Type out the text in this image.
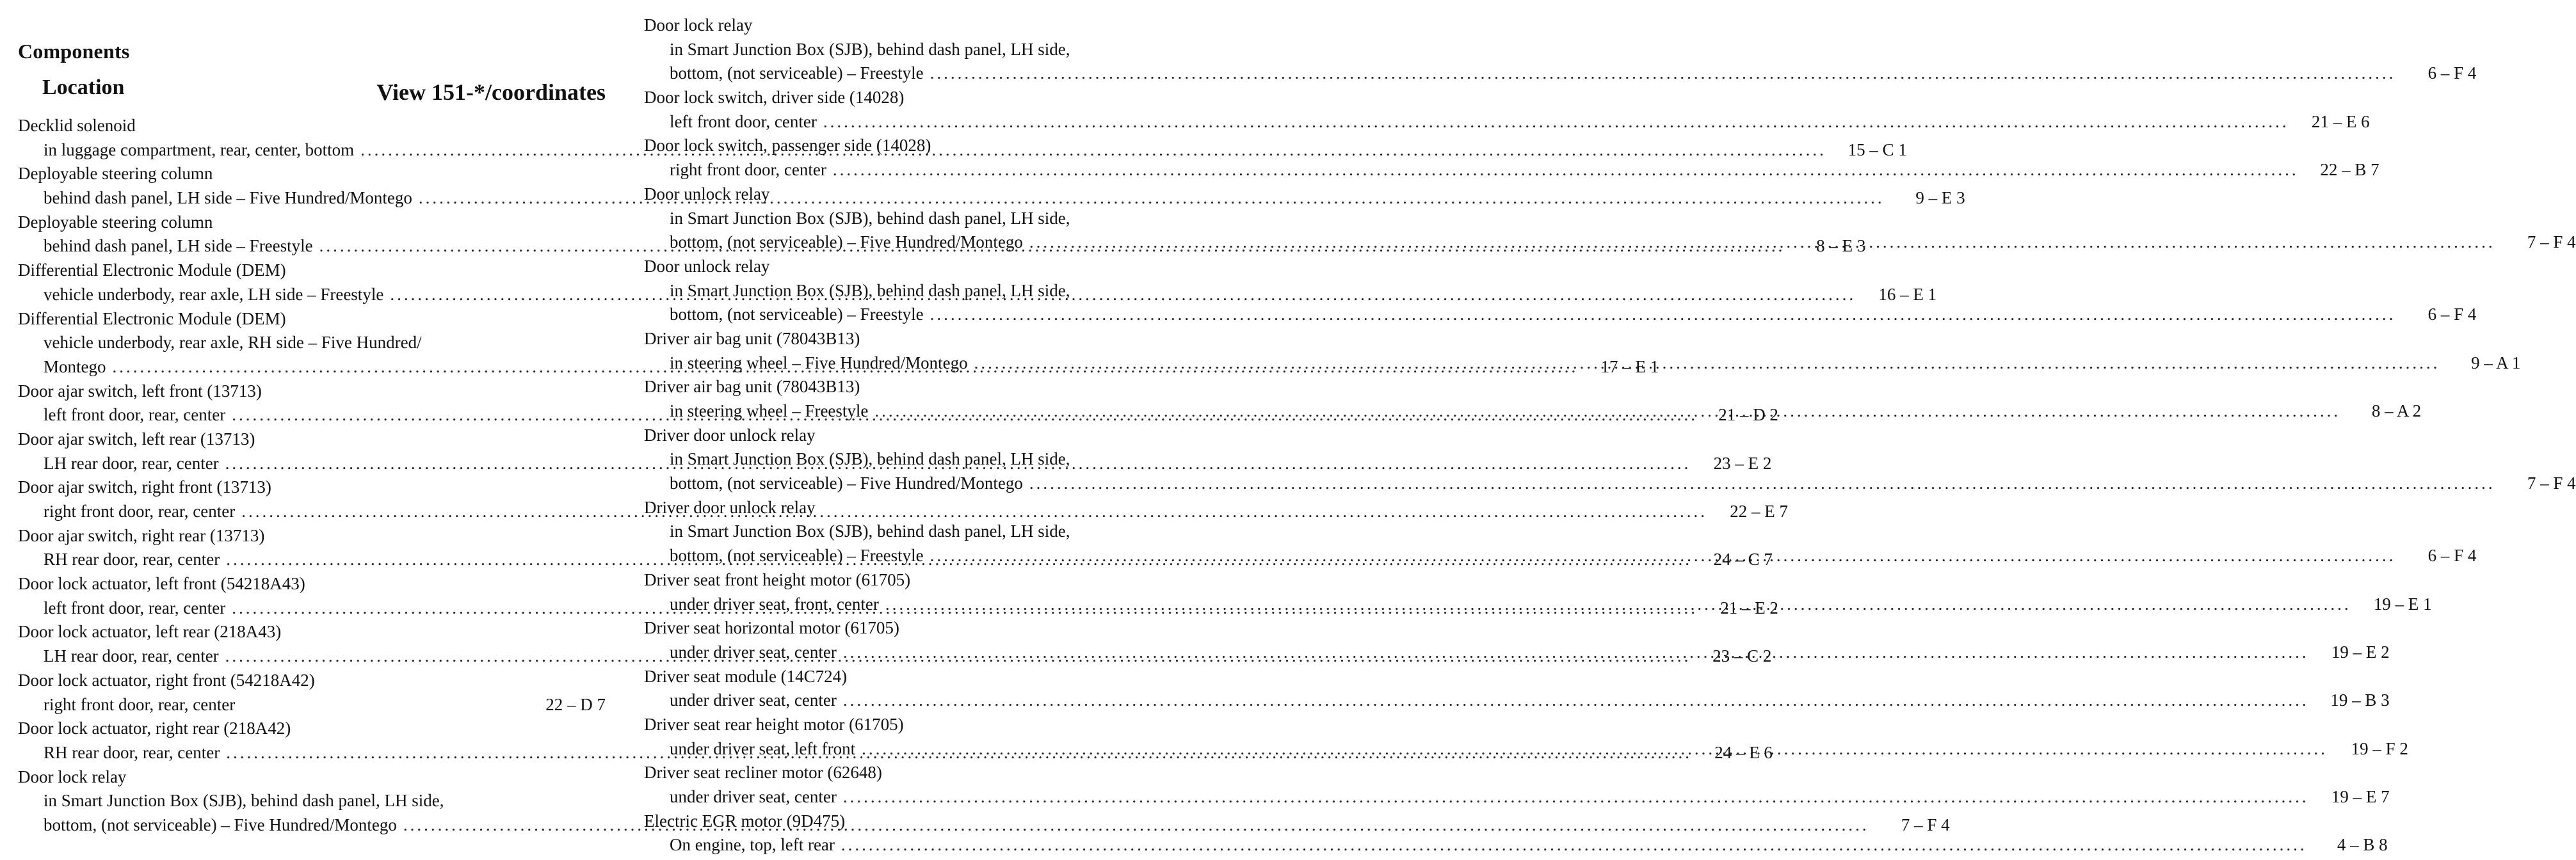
Components
Location	View 151-*/coordinates
Decklid solenoid
in luggage compartment, rear, center, bottom .....	15 – C 1
Deployable steering column
behind dash panel, LH side – Five Hundred/Montego .....	9 – E 3
Deployable steering column
behind dash panel, LH side – Freestyle .....	8 – E 3
Differential Electronic Module (DEM)
vehicle underbody, rear axle, LH side – Freestyle .....	16 – E 1
Differential Electronic Module (DEM)
vehicle underbody, rear axle, RH side – Five Hundred/
Montego .....	17 – E 1
Door ajar switch, left front (13713)
left front door, rear, center .....	21 – D 2
Door ajar switch, left rear (13713)
LH rear door, rear, center .....	23 – E 2
Door ajar switch, right front (13713)
right front door, rear, center .....	22 – E 7
Door ajar switch, right rear (13713)
RH rear door, rear, center .....	24 – C 7
Door lock actuator, left front (54218A43)
left front door, rear, center .....	21 – E 2
Door lock actuator, left rear (218A43)
LH rear door, rear, center .....	23 – C 2
Door lock actuator, right front (54218A42)
right front door, rear, center	22 – D 7
Door lock actuator, right rear (218A42)
RH rear door, rear, center .....	24 – E 6
Door lock relay
in Smart Junction Box (SJB), behind dash panel, LH side,
bottom, (not serviceable) – Five Hundred/Montego .....	7 – F 4
Door lock relay
in Smart Junction Box (SJB), behind dash panel, LH side,
bottom, (not serviceable) – Freestyle .....	6 – F 4
Door lock switch, driver side (14028)
left front door, center .....	21 – E 6
Door lock switch, passenger side (14028)
right front door, center .....	22 – B 7
Door unlock relay
in Smart Junction Box (SJB), behind dash panel, LH side,
bottom, (not serviceable) – Five Hundred/Montego .....	7 – F 4
Door unlock relay
in Smart Junction Box (SJB), behind dash panel, LH side,
bottom, (not serviceable) – Freestyle .....	6 – F 4
Driver air bag unit (78043B13)
in steering wheel – Five Hundred/Montego .....	9 – A 1
Driver air bag unit (78043B13)
in steering wheel – Freestyle .....	8 – A 2
Driver door unlock relay
in Smart Junction Box (SJB), behind dash panel, LH side,
bottom, (not serviceable) – Five Hundred/Montego .....	7 – F 4
Driver door unlock relay
in Smart Junction Box (SJB), behind dash panel, LH side,
bottom, (not serviceable) – Freestyle .....	6 – F 4
Driver seat front height motor (61705)
under driver seat, front, center .....	19 – E 1
Driver seat horizontal motor (61705)
under driver seat, center .....	19 – E 2
Driver seat module (14C724)
under driver seat, center .....	19 – B 3
Driver seat rear height motor (61705)
under driver seat, left front .....	19 – F 2
Driver seat recliner motor (62648)
under driver seat, center .....	19 – E 7
Electric EGR motor (9D475)
On engine, top, left rear .....	4 – B 8
